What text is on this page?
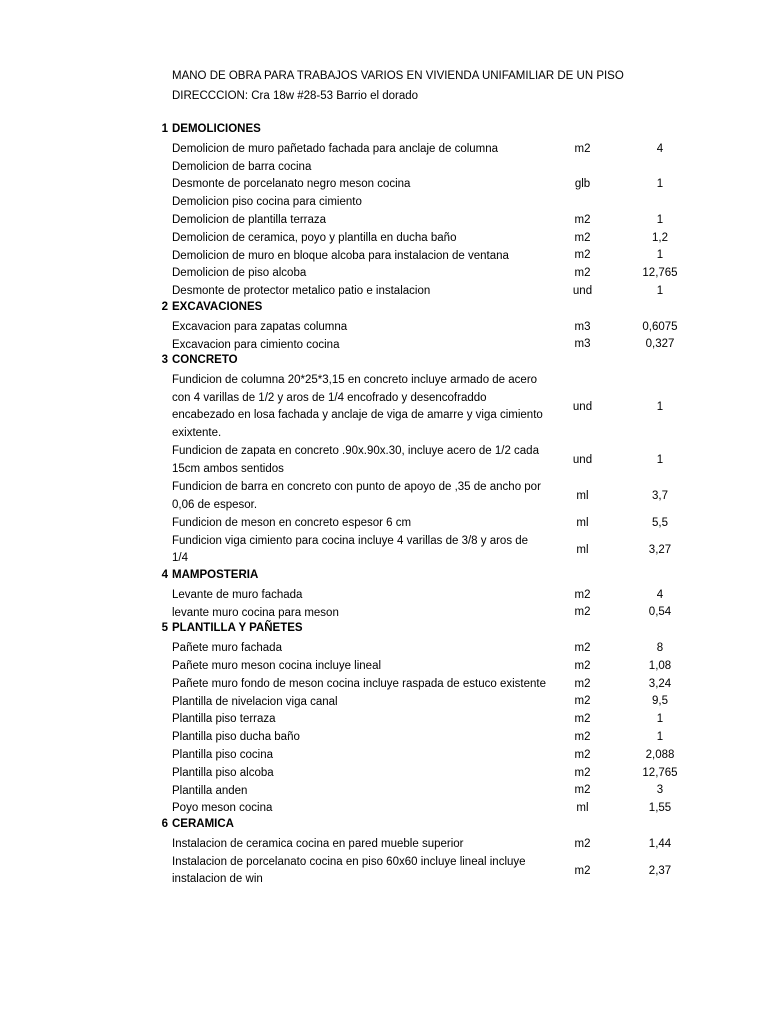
MANO DE OBRA PARA TRABAJOS VARIOS EN VIVIENDA UNIFAMILIAR DE UN PISO
DIRECCCION: Cra 18w #28-53 Barrio el dorado
1 DEMOLICIONES
Demolicion de muro pañetado fachada para anclaje de columna	m2	4
Demolicion de barra cocina
Desmonte de porcelanato negro meson cocina	glb	1
Demolicion piso cocina para cimiento
Demolicion de plantilla terraza	m2	1
Demolicion de ceramica, poyo y plantilla en ducha baño	m2	1,2
Demolicion de muro en bloque alcoba para instalacion de ventana	m2	1
Demolicion de piso alcoba	m2	12,765
Desmonte de protector metalico patio e instalacion	und	1
2 EXCAVACIONES
Excavacion para zapatas columna	m3	0,6075
Excavacion para cimiento cocina	m3	0,327
3 CONCRETO
Fundicion de columna 20*25*3,15 en concreto incluye armado de acero con 4 varillas de 1/2 y aros de 1/4 encofrado y desencofraddo encabezado en losa fachada y anclaje de viga de amarre y viga cimiento exixtente.
und	1
Fundicion de zapata en concreto .90x.90x.30, incluye acero de 1/2 cada 15cm ambos sentidos
und	1
Fundicion de barra en concreto con punto de apoyo de ,35 de ancho por 0,06 de espesor.
ml	3,7
Fundicion de meson en concreto espesor 6 cm	ml	5,5
Fundicion viga cimiento para cocina incluye 4 varillas de 3/8 y aros de 1/4
ml	3,27
4 MAMPOSTERIA
Levante de muro fachada	m2	4
levante muro cocina para meson	m2	0,54
5 PLANTILLA Y PAÑETES
Pañete muro fachada	m2	8
Pañete muro meson cocina incluye lineal	m2	1,08
Pañete muro fondo de meson cocina incluye raspada de estuco existente	m2	3,24
Plantilla de nivelacion viga canal	m2	9,5
Plantilla piso terraza	m2	1
Plantilla piso ducha baño	m2	1
Plantilla piso cocina	m2	2,088
Plantilla piso alcoba	m2	12,765
Plantilla anden	m2	3
Poyo meson cocina	ml	1,55
6 CERAMICA
Instalacion de ceramica cocina en pared mueble superior	m2	1,44
Instalacion de porcelanato cocina en piso 60x60 incluye lineal incluye instalacion de win
m2	2,37
